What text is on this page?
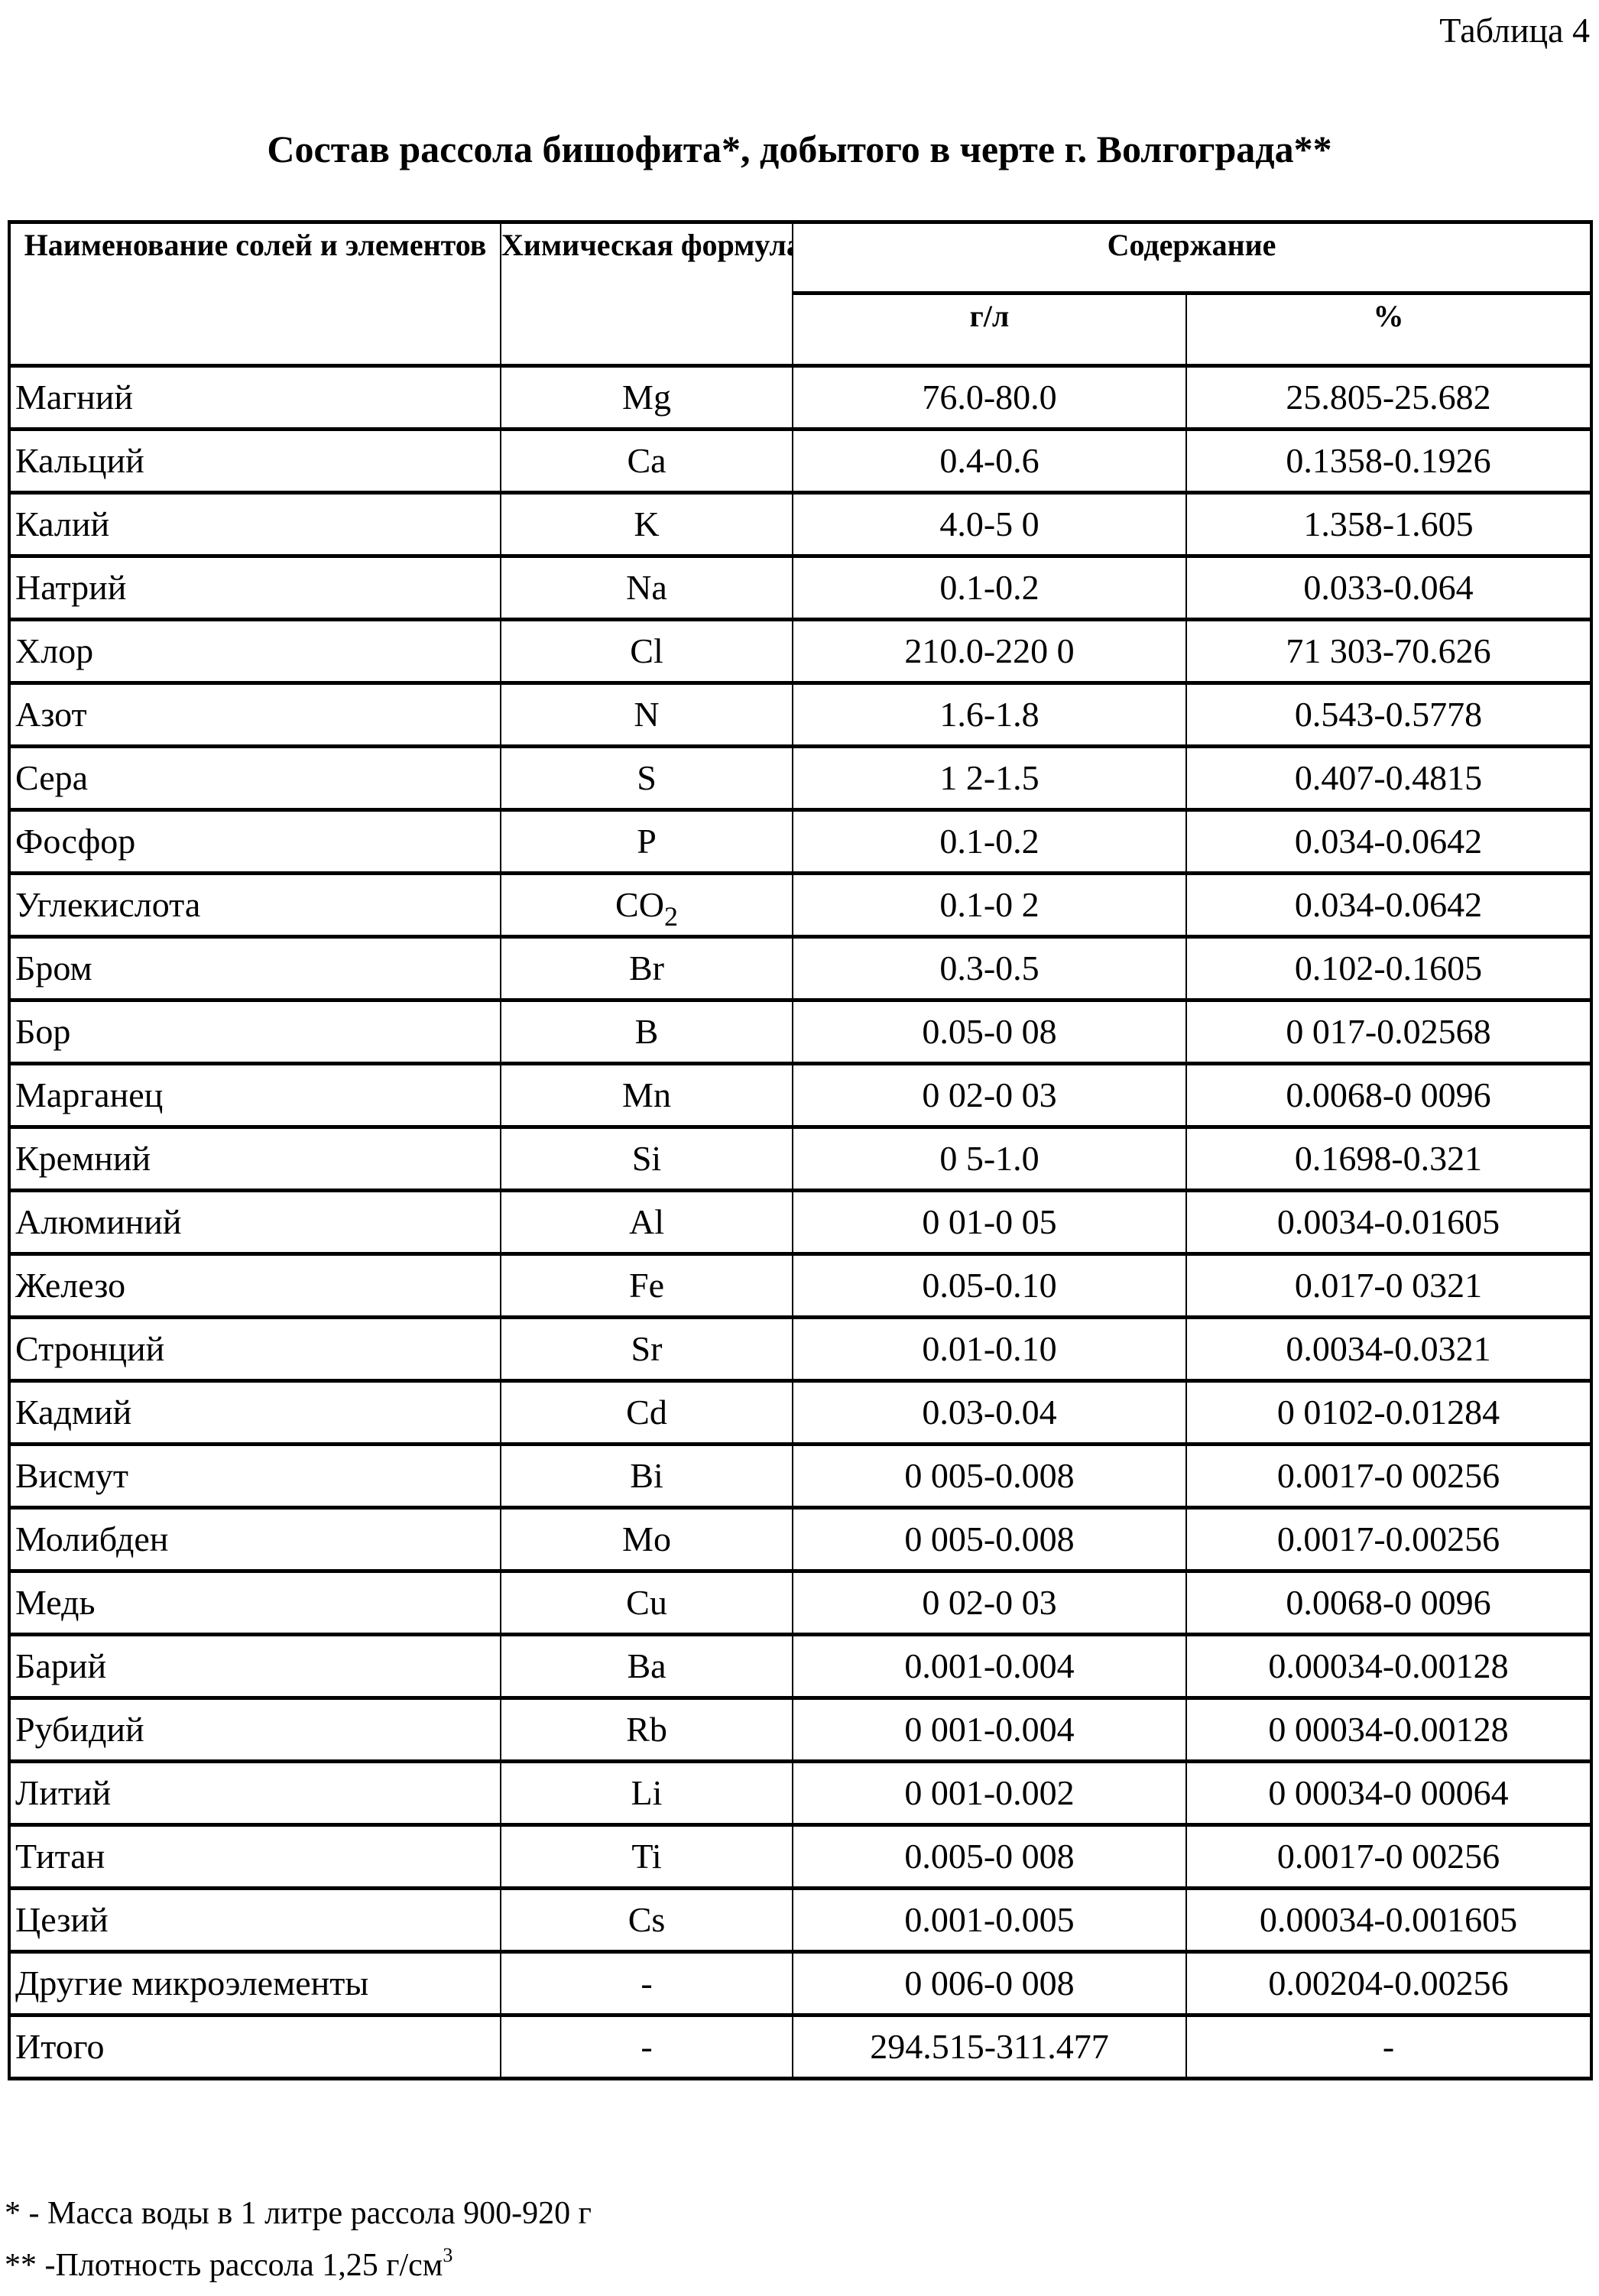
Таблица 4
Состав рассола бишофита*, добытого в черте г. Волгограда**
Наименование солей и элементов	Химическая формула	Содержание
г/л	%
Магний	Mg	76.0-80.0	25.805-25.682
Кальций	Ca	0.4-0.6	0.1358-0.1926
Калий	K	4.0-5 0	1.358-1.605
Натрий	Na	0.1-0.2	0.033-0.064
Хлор	Cl	210.0-220 0	71 303-70.626
Азот	N	1.6-1.8	0.543-0.5778
Сера	S	1 2-1.5	0.407-0.4815
Фосфор	P	0.1-0.2	0.034-0.0642
Углекислота	CO2	0.1-0 2	0.034-0.0642
Бром	Br	0.3-0.5	0.102-0.1605
Бор	B	0.05-0 08	0 017-0.02568
Марганец	Mn	0 02-0 03	0.0068-0 0096
Кремний	Si	0 5-1.0	0.1698-0.321
Алюминий	Al	0 01-0 05	0.0034-0.01605
Железо	Fe	0.05-0.10	0.017-0 0321
Стронций	Sr	0.01-0.10	0.0034-0.0321
Кадмий	Cd	0.03-0.04	0 0102-0.01284
Висмут	Bi	0 005-0.008	0.0017-0 00256
Молибден	Mo	0 005-0.008	0.0017-0.00256
Медь	Cu	0 02-0 03	0.0068-0 0096
Барий	Ba	0.001-0.004	0.00034-0.00128
Рубидий	Rb	0 001-0.004	0 00034-0.00128
Литий	Li	0 001-0.002	0 00034-0 00064
Титан	Ti	0.005-0 008	0.0017-0 00256
Цезий	Cs	0.001-0.005	0.00034-0.001605
Другие микроэлементы	-	0 006-0 008	0.00204-0.00256
Итого	-	294.515-311.477	-
* - Масса воды в 1 литре рассола 900-920 г
** -Плотность рассола 1,25 г/см3
